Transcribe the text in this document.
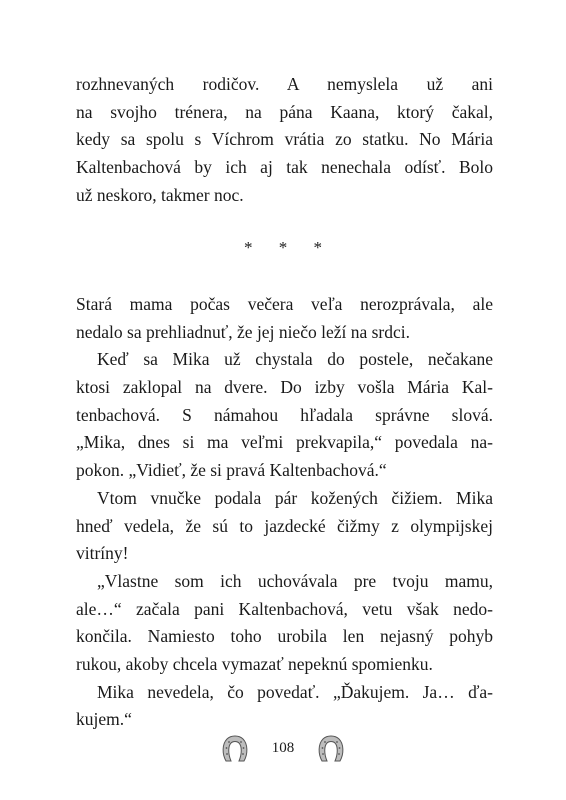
rozhnevaných rodičov. A nemyslela už ani
na svojho trénera, na pána Kaana, ktorý čakal,
kedy sa spolu s Víchrom vrátia zo statku. No Mária
Kaltenbachová by ich aj tak nenechala odísť. Bolo
už neskoro, takmer noc.
* * *
Stará mama počas večera veľa nerozprávala, ale
nedalo sa prehliadnuť, že jej niečo leží na srdci.
Keď sa Mika už chystala do postele, nečakane
ktosi zaklopal na dvere. Do izby vošla Mária Kal-
tenbachová. S námahou hľadala správne slová.
„Mika, dnes si ma veľmi prekvapila,“ povedala na-
pokon. „Vidieť, že si pravá Kaltenbachová.“
Vtom vnučke podala pár kožených čižiem. Mika
hneď vedela, že sú to jazdecké čižmy z olympijskej
vitríny!
„Vlastne som ich uchovávala pre tvoju mamu,
ale…“ začala pani Kaltenbachová, vetu však nedo-
končila. Namiesto toho urobila len nejasný pohyb
rukou, akoby chcela vymazať nepeknú spomienku.
Mika nevedela, čo povedať. „Ďakujem. Ja… ďa-
kujem.“
108
